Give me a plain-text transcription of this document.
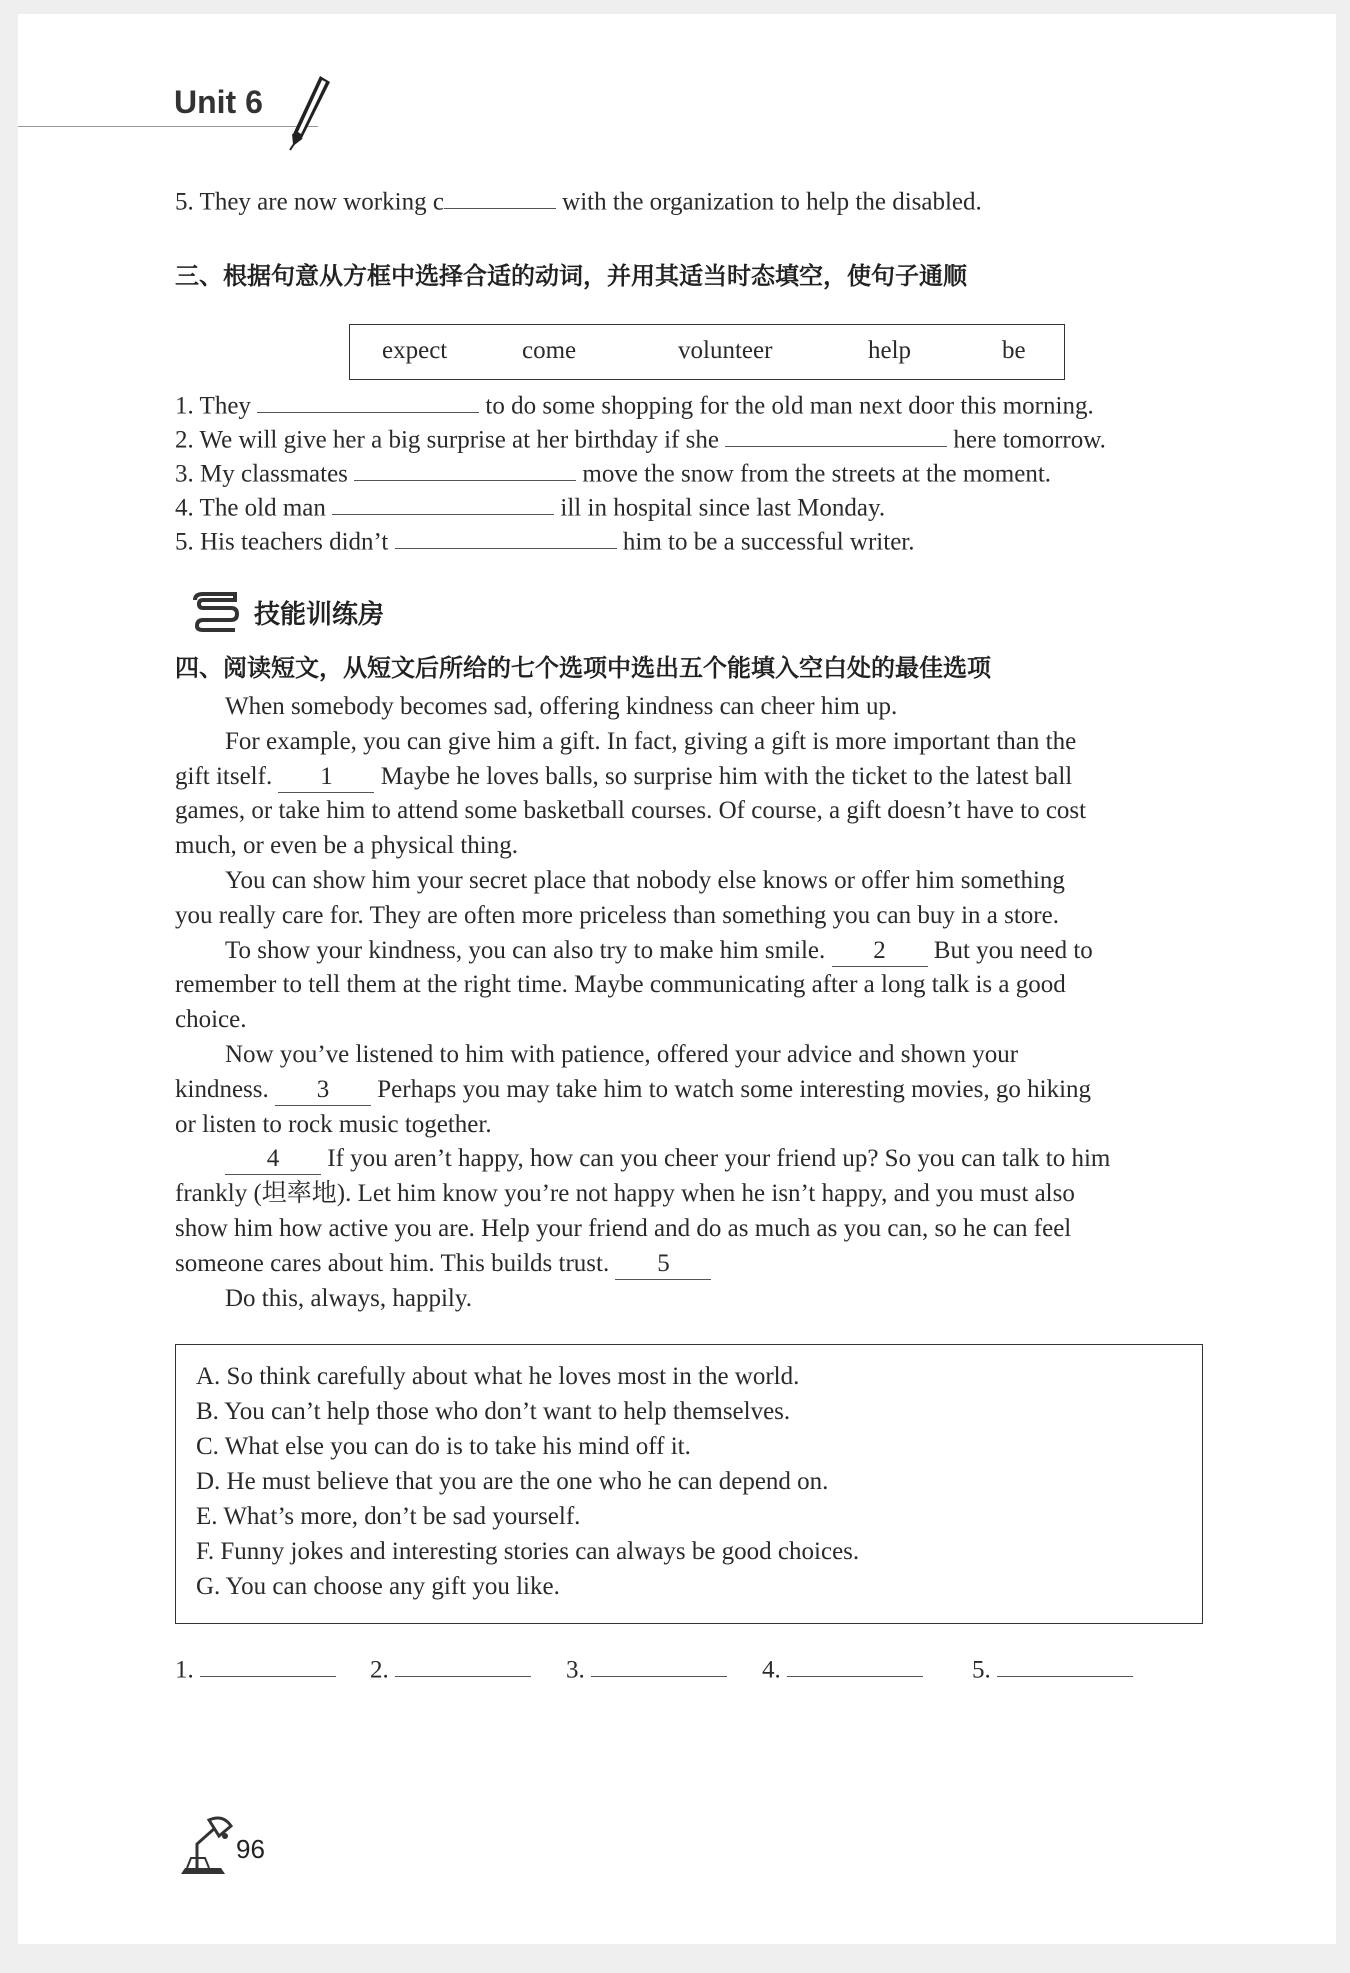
Unit 6
5. They are now working c	with the organization to help the disabled.
三、根据句意从方框中选择合适的动词，并用其适当时态填空，使句子通顺
expect	come	volunteer	help	be
1. They	to do some shopping for the old man next door this morning.
2. We will give her a big surprise at her birthday if she	here tomorrow.
3. My classmates	move the snow from the streets at the moment.
4. The old man	ill in hospital since last Monday.
5. His teachers didn’t	him to be a successful writer.
技能训练房
四、阅读短文，从短文后所给的七个选项中选出五个能填入空白处的最佳选项
When somebody becomes sad, offering kindness can cheer him up.
For example, you can give him a gift. In fact, giving a gift is more important than the
gift itself. 1 Maybe he loves balls, so surprise him with the ticket to the latest ball
games, or take him to attend some basketball courses. Of course, a gift doesn’t have to cost
much, or even be a physical thing.
You can show him your secret place that nobody else knows or offer him something
you really care for. They are often more priceless than something you can buy in a store.
To show your kindness, you can also try to make him smile. 2 But you need to
remember to tell them at the right time. Maybe communicating after a long talk is a good
choice.
Now you’ve listened to him with patience, offered your advice and shown your
kindness. 3 Perhaps you may take him to watch some interesting movies, go hiking
or listen to rock music together.
4 If you aren’t happy, how can you cheer your friend up? So you can talk to him
frankly (坦率地). Let him know you’re not happy when he isn’t happy, and you must also
show him how active you are. Help your friend and do as much as you can, so he can feel
someone cares about him. This builds trust. 5
Do this, always, happily.
A. So think carefully about what he loves most in the world.
B. You can’t help those who don’t want to help themselves.
C. What else you can do is to take his mind off it.
D. He must believe that you are the one who he can depend on.
E. What’s more, don’t be sad yourself.
F. Funny jokes and interesting stories can always be good choices.
G. You can choose any gift you like.
1.	2.	3.	4.	5.
96
